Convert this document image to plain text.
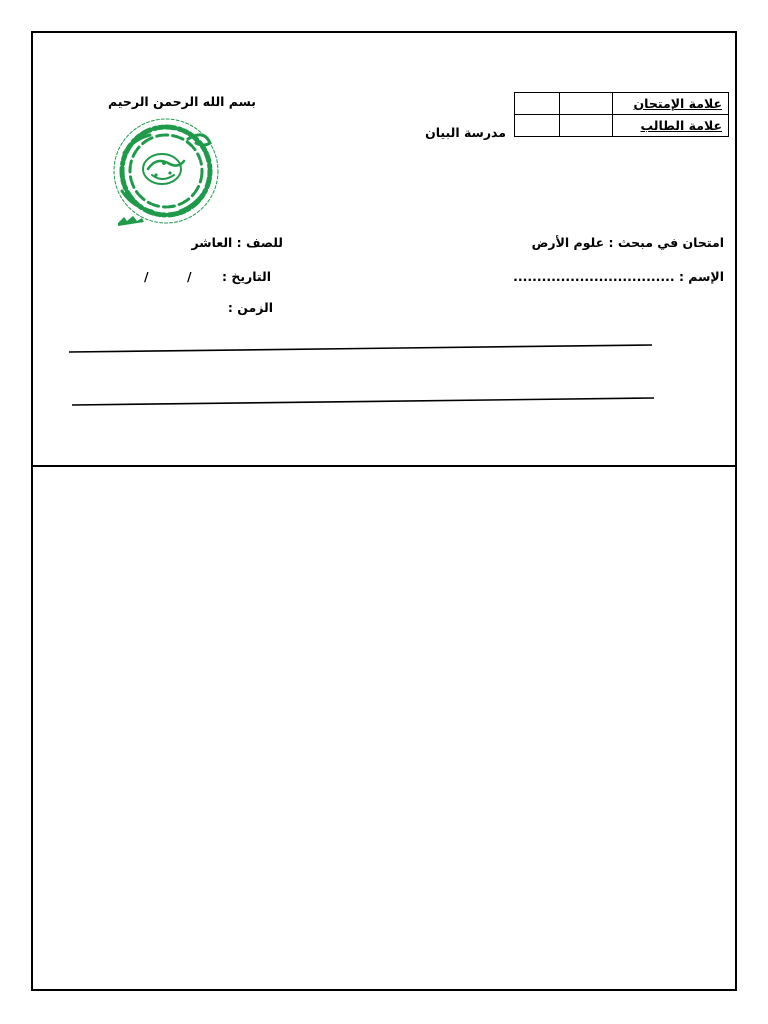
		علامة الإمتحان
		علامة الطالب
مدرسة البيان
بسم الله الرحمن الرحيم
امتحان في مبحث : علوم الأرض
للصف : العاشر
الإسم : ..................................
التاريخ :
/
/
الزمن :
